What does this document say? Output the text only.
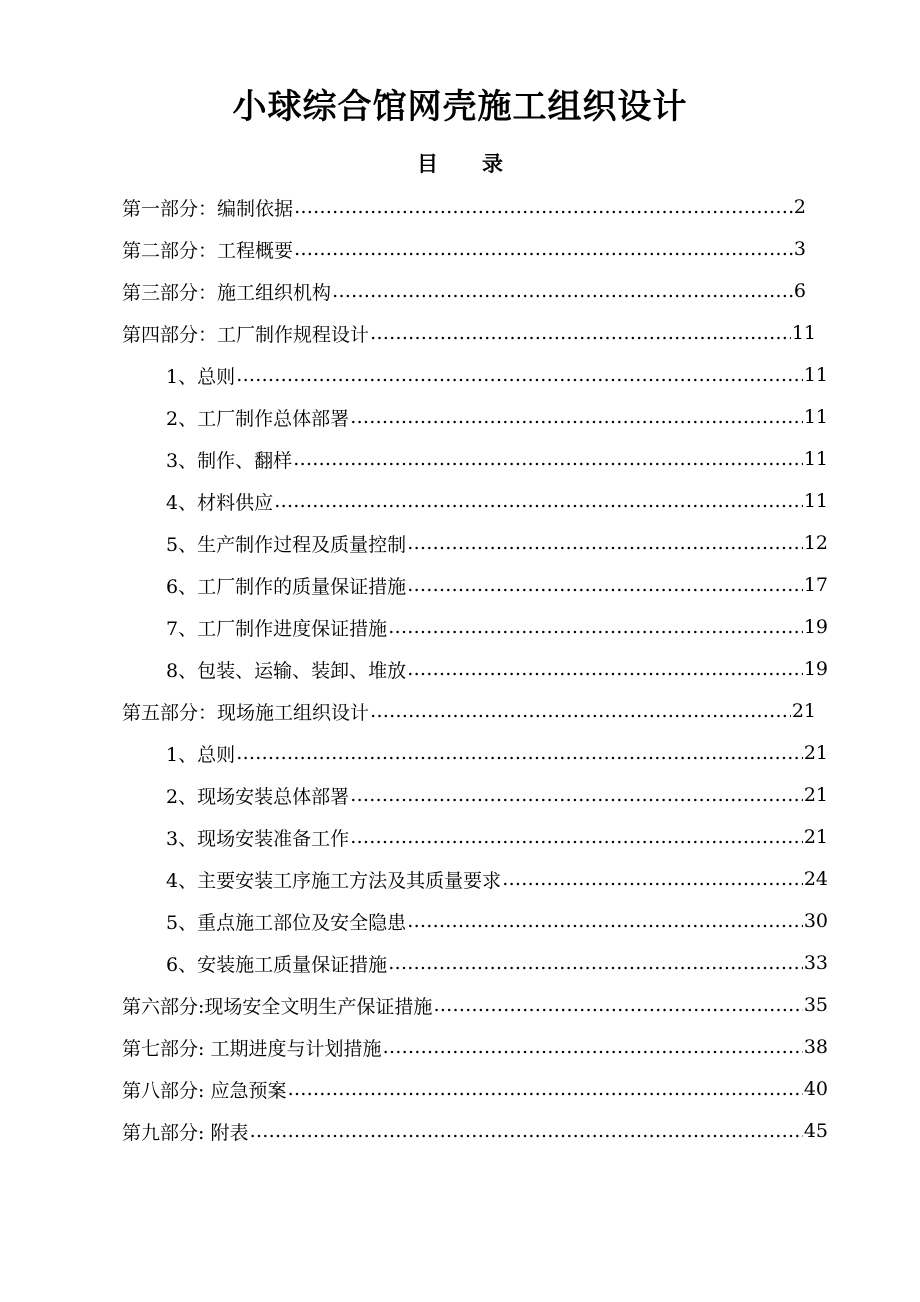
小球综合馆网壳施工组织设计
目 录
第一部分：编制依据 …………………………………………………………………………………………………………………………………………………………………………	2
第二部分：工程概要 …………………………………………………………………………………………………………………………………………………………………………	3
第三部分：施工组织机构 …………………………………………………………………………………………………………………………………………………………………………	6
第四部分：工厂制作规程设计 …………………………………………………………………………………………………………………………………………………………………………	11
1、总则 …………………………………………………………………………………………………………………………………………………………………………	11
2、工厂制作总体部署 …………………………………………………………………………………………………………………………………………………………………………	11
3、制作、翻样 …………………………………………………………………………………………………………………………………………………………………………	11
4、材料供应 …………………………………………………………………………………………………………………………………………………………………………	11
5、生产制作过程及质量控制 …………………………………………………………………………………………………………………………………………………………………………	12
6、工厂制作的质量保证措施 …………………………………………………………………………………………………………………………………………………………………………	17
7、工厂制作进度保证措施 …………………………………………………………………………………………………………………………………………………………………………	19
8、包装、运输、装卸、堆放 …………………………………………………………………………………………………………………………………………………………………………	19
第五部分：现场施工组织设计 …………………………………………………………………………………………………………………………………………………………………………	21
1、总则 …………………………………………………………………………………………………………………………………………………………………………	21
2、现场安装总体部署 …………………………………………………………………………………………………………………………………………………………………………	21
3、现场安装准备工作 …………………………………………………………………………………………………………………………………………………………………………	21
4、主要安装工序施工方法及其质量要求 …………………………………………………………………………………………………………………………………………………………………………	24
5、重点施工部位及安全隐患 …………………………………………………………………………………………………………………………………………………………………………	30
6、安装施工质量保证措施 …………………………………………………………………………………………………………………………………………………………………………	33
第六部分:现场安全文明生产保证措施 …………………………………………………………………………………………………………………………………………………………………………	35
第七部分: 工期进度与计划措施 …………………………………………………………………………………………………………………………………………………………………………	38
第八部分: 应急预案 …………………………………………………………………………………………………………………………………………………………………………	40
第九部分: 附表 …………………………………………………………………………………………………………………………………………………………………………	45
